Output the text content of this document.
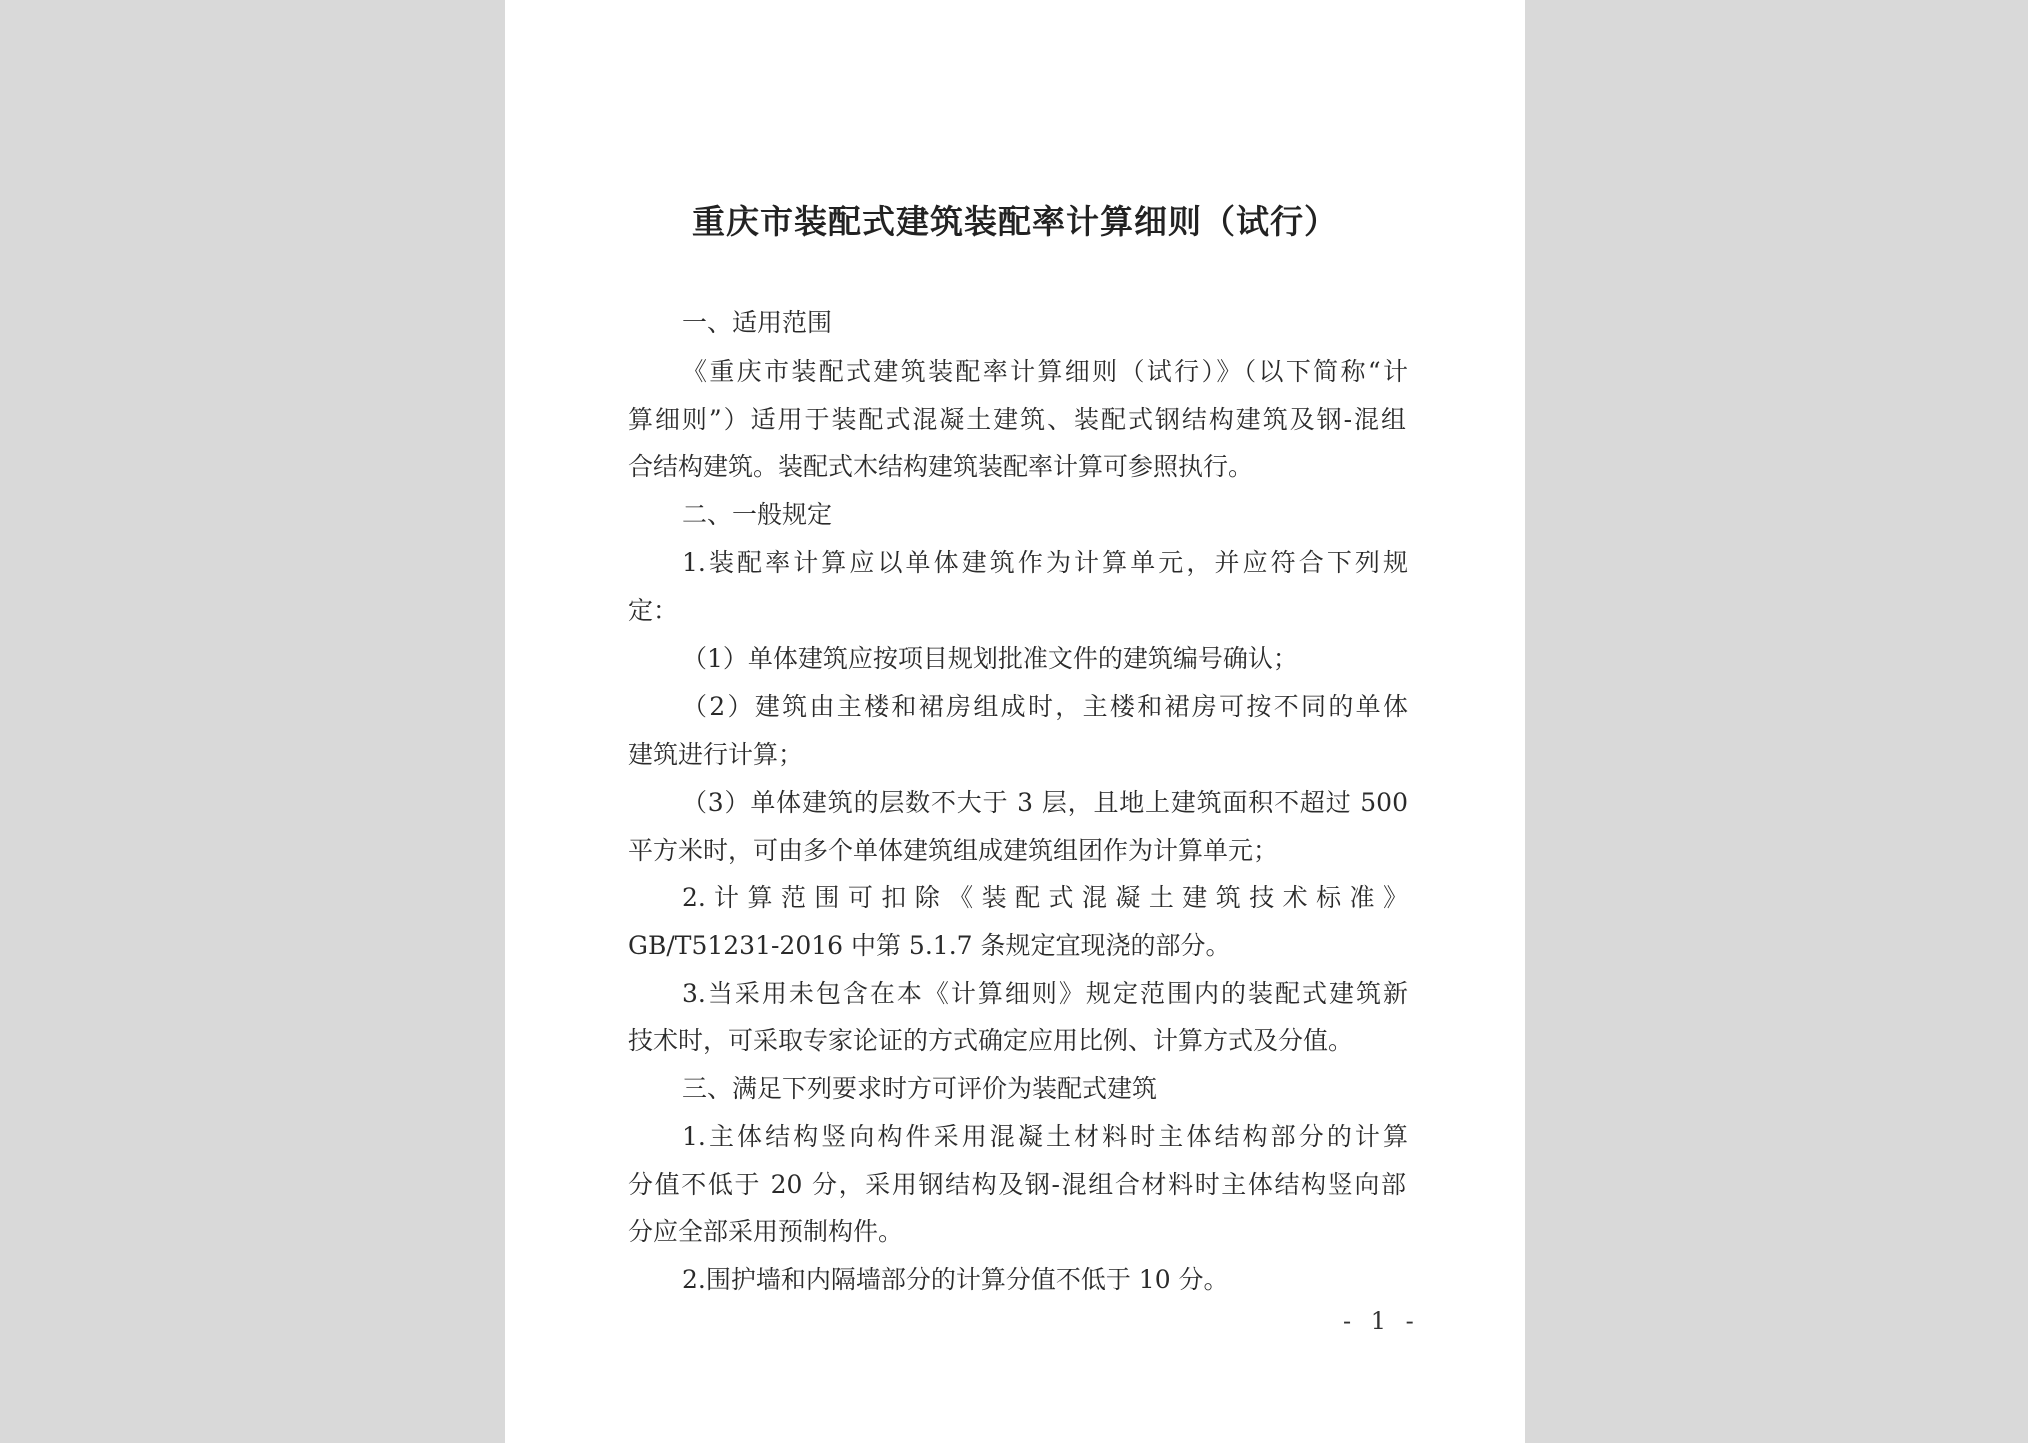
重庆市装配式建筑装配率计算细则（试行）
一、适用范围
《重庆市装配式建筑装配率计算细则（试行）》（以下简称“计
算细则”）适用于装配式混凝土建筑、装配式钢结构建筑及钢-混组
合结构建筑。装配式木结构建筑装配率计算可参照执行。
二、一般规定
1.装配率计算应以单体建筑作为计算单元，并应符合下列规
定：
（1）单体建筑应按项目规划批准文件的建筑编号确认；
（2）建筑由主楼和裙房组成时，主楼和裙房可按不同的单体
建筑进行计算；
（3）单体建筑的层数不大于 3 层，且地上建筑面积不超过 500
平方米时，可由多个单体建筑组成建筑组团作为计算单元；
2. 计 算 范 围 可 扣 除 《 装 配 式 混 凝 土 建 筑 技 术 标 准 》
GB/T51231-2016 中第 5.1.7 条规定宜现浇的部分。
3.当采用未包含在本《计算细则》规定范围内的装配式建筑新
技术时，可采取专家论证的方式确定应用比例、计算方式及分值。
三、满足下列要求时方可评价为装配式建筑
1.主体结构竖向构件采用混凝土材料时主体结构部分的计算
分值不低于 20 分，采用钢结构及钢-混组合材料时主体结构竖向部
分应全部采用预制构件。
2.围护墙和内隔墙部分的计算分值不低于 10 分。
- 1 -
